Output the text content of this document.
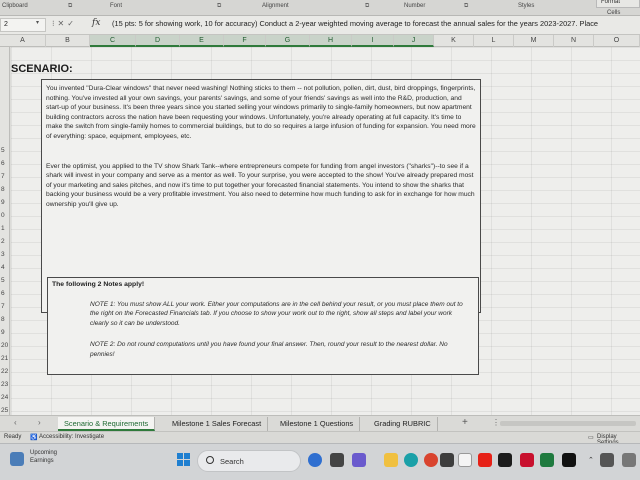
Clipboard	⧉	Font	⧉	Alignment	⧉	Number	⧉	Styles
Cells
Format
2	▾ ⁝✕✓ fx (15 pts: 5 for showing work, 10 for accuracy) Conduct a 2-year weighted moving average to forecast the annual sales for the years 2023-2027. Place
A	B	C	D	E	F	G	H	I	J	K	L	M	N	O
5
6
7
8
9
0
1
2
3
4
5
6
7
8
9
20
21
22
23
24
25
SCENARIO:

You invented "Dura-Clear windows" that never need washing! Nothing sticks to them -- not pollution, pollen, dirt, dust, bird droppings, fingerprints, nothing. You've invested all your own savings, your parents' savings, and some of your friends' savings as well into the R&D, production, and start-up of your business. It's been three years since you started selling your windows primarily to single-family homeowners, but now apartment building contractors across the nation have been requesting your windows. Unfortunately, you're already operating at full capacity. It's time to make the switch from single-family homes to commercial buildings, but to do so requires a large infusion of funding for expansion. You need more of everything: space, equipment, employees, etc.

Ever the optimist, you applied to the TV show Shark Tank--where entrepreneurs compete for funding from angel investors ("sharks")--to see if a shark will invest in your company and serve as a mentor as well. To your surprise, you were accepted to the show! You've already prepared most of your marketing and sales pitches, and now it's time to put together your forecasted financial statements. You intend to show the sharks that backing your business would be a very profitable investment. You also need to determine how much funding to ask for in exchange for how much ownership you'll give up.

The following 2 Notes apply!
NOTE 1: You must show ALL your work. Either your computations are in the cell behind your result, or you must place them out to the right on the Forecasted Financials tab. If you choose to show your work out to the right, show all steps and label your work clearly so it can be understood.
NOTE 2: Do not round computations until you have found your final answer. Then, round your result to the nearest dollar. No pennies!
‹	›	Scenario & Requirements	Milestone 1 Sales Forecast	Milestone 1 Questions	Grading RUBRIC	+	⋮
Ready ♿ Accessibility: Investigate	▭ Display
Upcoming
Earnings	Search	⌃
